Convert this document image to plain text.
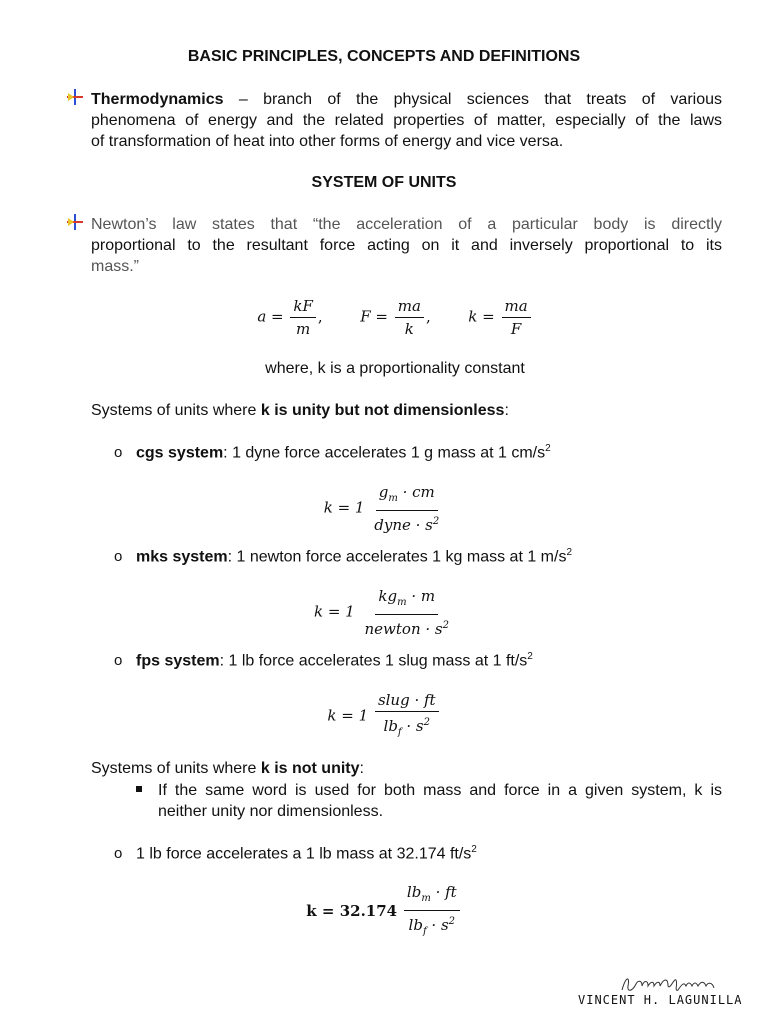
BASIC PRINCIPLES, CONCEPTS AND DEFINITIONS
Thermodynamics – branch of the physical sciences that treats of various
phenomena of energy and the related properties of matter, especially of the laws
of transformation of heat into other forms of energy and vice versa.
SYSTEM OF UNITS
Newton’s law states that “the acceleration of a particular body is directly
proportional to the resultant force acting on it and inversely proportional to its
mass.”
$a = \frac{kF}{m}$ ,	$F = \frac{ma}{k}$ ,	$k = \frac{ma}{F}$
where, k is a proportionality constant
Systems of units where k is unity but not dimensionless:
o cgs system: 1 dyne force accelerates 1 g mass at 1 $cm/s^2$
$k = 1 \frac{g_m \cdot cm}{dyne \cdot s^2}$
o mks system: 1 newton force accelerates 1 kg mass at 1 $m/s^2$
$k = 1 \frac{kg_m \cdot m}{newton \cdot s^2}$
o fps system: 1 lb force accelerates 1 slug mass at 1 $ft/s^2$
$k = 1 \frac{\text{slug · ft}}{lb_f \cdot s^2}$
Systems of units where k is not unity:
If the same word is used for both mass and force in a given system, k is
neither unity nor dimensionless.
o 1 lb force accelerates a 1 lb mass at 32.174 $ft/s^2$
$k = 32.174 \frac{lb_m \cdot ft}{lb_f \cdot s^2}$
VINCENT H. LAGUNILLA
